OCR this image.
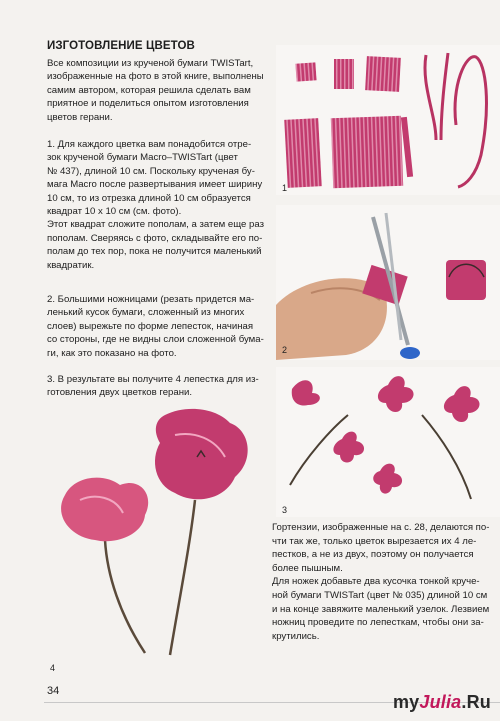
ИЗГОТОВЛЕНИЕ ЦВЕТОВ
Все композиции из крученой бумаги TWISTart,
изображенные на фото в этой книге, выполнены
самим автором, которая решила сделать вам
приятное и поделиться опытом изготовления
цветов герани.
1. Для каждого цветка вам понадобится отре-
зок крученой бумаги Macro–TWISTart (цвет
№ 437), длиной 10 см. Поскольку крученая бу-
мага Macro после развертывания имеет ширину
10 см, то из отрезка длиной 10 см образуется
квадрат 10 х 10 см (см. фото).
Этот квадрат сложите пополам, а затем еще раз
пополам. Сверяясь с фото, складывайте его по-
полам до тех пор, пока не получится маленький
квадратик.
2. Большими ножницами (резать придется ма-
ленький кусок бумаги, сложенный из многих
слоев) вырежьте по форме лепесток, начиная
со стороны, где не видны слои сложенной бума-
ги, как это показано на фото.
3. В результате вы получите 4 лепестка для из-
готовления двух цветков герани.
1
2
3
4
Гортензии, изображенные на с. 28, делаются по-
чти так же, только цветок вырезается их 4 ле-
пестков, а не из двух, поэтому он получается
более пышным.
Для ножек добавьте два кусочка тонкой круче-
ной бумаги TWISTart (цвет № 035) длиной 10 см
и на конце завяжите маленький узелок. Лезвием
ножниц проведите по лепесткам, чтобы они за-
крутились.
34
myJulia.Ru
